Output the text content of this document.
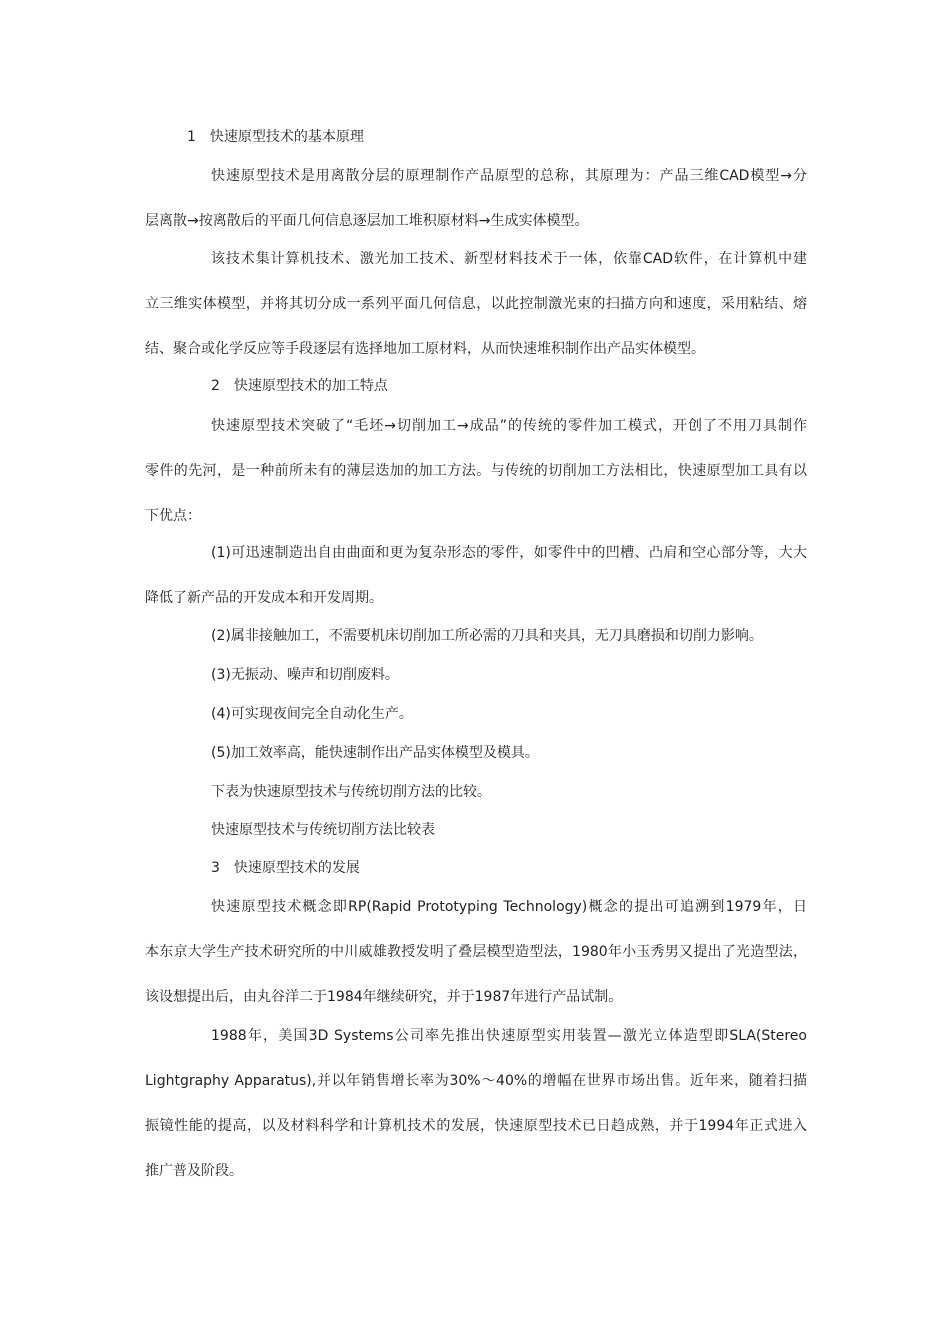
1　快速原型技术的基本原理
快速原型技术是用离散分层的原理制作产品原型的总称，其原理为：产品三维CAD模型→分
层离散→按离散后的平面几何信息逐层加工堆积原材料→生成实体模型。
该技术集计算机技术、激光加工技术、新型材料技术于一体，依靠CAD软件，在计算机中建
立三维实体模型，并将其切分成一系列平面几何信息，以此控制激光束的扫描方向和速度，采用粘结、熔
结、聚合或化学反应等手段逐层有选择地加工原材料，从而快速堆积制作出产品实体模型。
2　快速原型技术的加工特点
快速原型技术突破了“毛坯→切削加工→成品”的传统的零件加工模式，开创了不用刀具制作
零件的先河，是一种前所未有的薄层迭加的加工方法。与传统的切削加工方法相比，快速原型加工具有以
下优点：
(1)可迅速制造出自由曲面和更为复杂形态的零件，如零件中的凹槽、凸肩和空心部分等，大大
降低了新产品的开发成本和开发周期。
(2)属非接触加工，不需要机床切削加工所必需的刀具和夹具，无刀具磨损和切削力影响。
(3)无振动、噪声和切削废料。
(4)可实现夜间完全自动化生产。
(5)加工效率高，能快速制作出产品实体模型及模具。
下表为快速原型技术与传统切削方法的比较。
快速原型技术与传统切削方法比较表
3　快速原型技术的发展
快速原型技术概念即RP(Rapid Prototyping Technology)概念的提出可追溯到1979年，日
本东京大学生产技术研究所的中川威雄教授发明了叠层模型造型法，1980年小玉秀男又提出了光造型法，
该设想提出后，由丸谷洋二于1984年继续研究，并于1987年进行产品试制。
1988年，美国3D Systems公司率先推出快速原型实用装置—激光立体造型即SLA(Stereo
Lightgraphy Apparatus),并以年销售增长率为30%～40%的增幅在世界市场出售。近年来，随着扫描
振镜性能的提高，以及材料科学和计算机技术的发展，快速原型技术已日趋成熟，并于1994年正式进入
推广普及阶段。
